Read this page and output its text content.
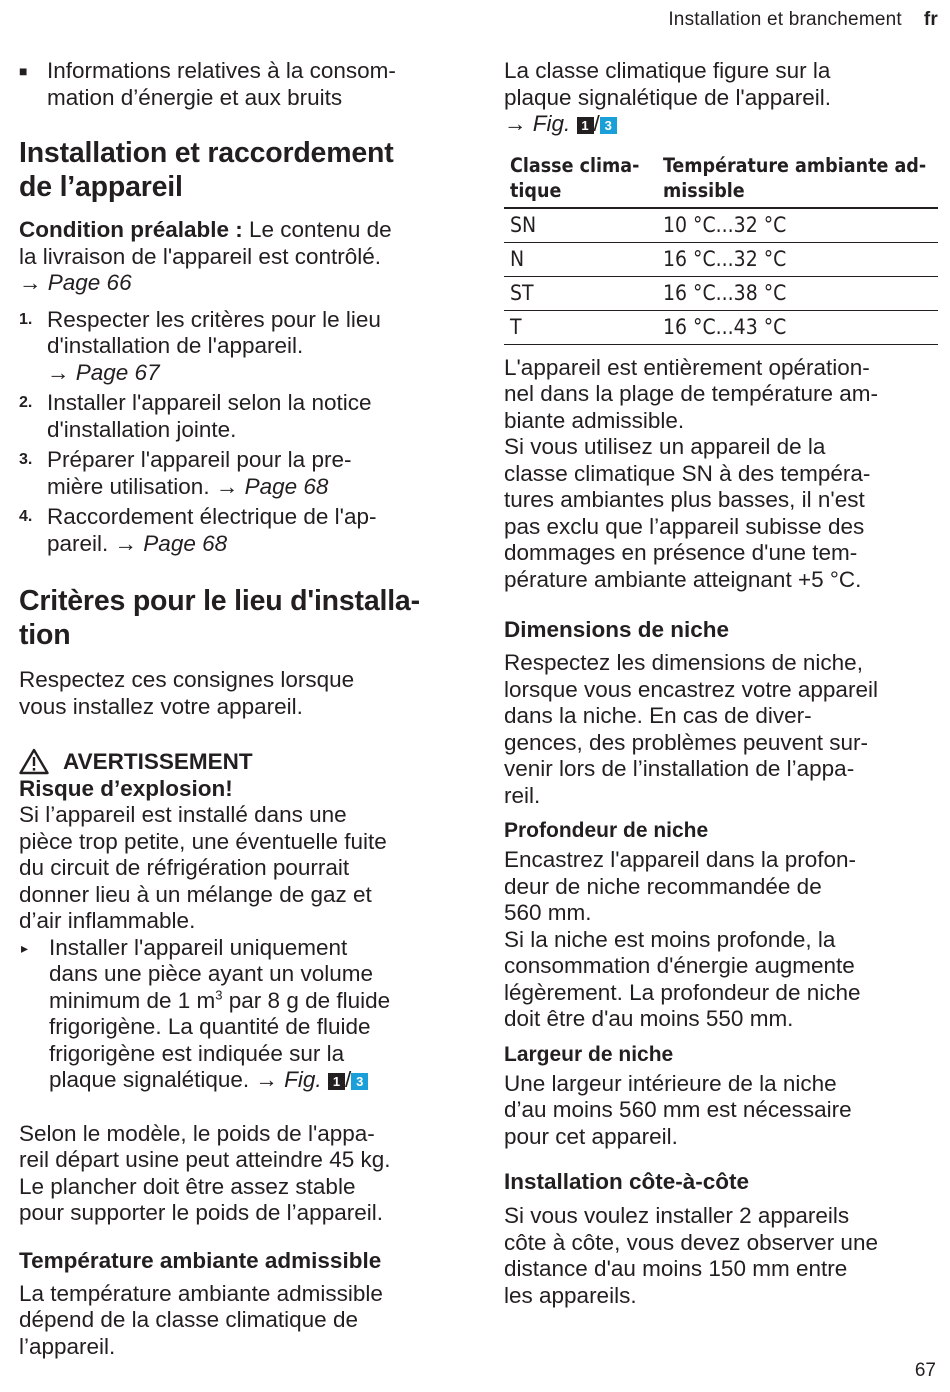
Installation et branchement fr
■ Informations relatives à la consom-

mation d’énergie et aux bruits

Installation et raccordement

de l’appareil

Condition préalable : Le contenu de

la livraison de l'appareil est contrôlé.

→ Page 66

1. Respecter les critères pour le lieu

d'installation de l'appareil.

→ Page 67

2. Installer l'appareil selon la notice

d'installation jointe.

3. Préparer l'appareil pour la pre-

mière utilisation. → Page 68

4. Raccordement électrique de l'ap-

pareil. → Page 68

Critères pour le lieu d'installa-

tion

Respectez ces consignes lorsque

vous installez votre appareil.

AVERTISSEMENT

Risque d’explosion!

Si l’appareil est installé dans une

pièce trop petite, une éventuelle fuite

du circuit de réfrigération pourrait

donner lieu à un mélange de gaz et

d’air inflammable.

▸ Installer l'appareil uniquement

dans une pièce ayant un volume

minimum de 1 $m^3$ par 8 g de fluide

frigorigène. La quantité de fluide

frigorigène est indiquée sur la

plaque signalétique. → Fig. 1 / 3

Selon le modèle, le poids de l'appa-

reil départ usine peut atteindre 45 kg.

Le plancher doit être assez stable

pour supporter le poids de l’appareil.

Température ambiante admissible

La température ambiante admissible

dépend de la classe climatique de

l’appareil.

La classe climatique figure sur la

plaque signalétique de l'appareil.

→ Fig. 1 / 3

Classe clima-
tique	Température ambiante ad-
missible
SN	10 °C...32 °C
N	16 °C...32 °C
ST	16 °C...38 °C
T	16 °C...43 °C

L'appareil est entièrement opération-

nel dans la plage de température am-

biante admissible.

Si vous utilisez un appareil de la

classe climatique SN à des tempéra-

tures ambiantes plus basses, il n'est

pas exclu que l’appareil subisse des

dommages en présence d'une tem-

pérature ambiante atteignant +5 °C.

Dimensions de niche

Respectez les dimensions de niche,

lorsque vous encastrez votre appareil

dans la niche. En cas de diver-

gences, des problèmes peuvent sur-

venir lors de l’installation de l’appa-

reil.

Profondeur de niche

Encastrez l'appareil dans la profon-

deur de niche recommandée de

560 mm.

Si la niche est moins profonde, la

consommation d'énergie augmente

légèrement. La profondeur de niche

doit être d'au moins 550 mm.

Largeur de niche

Une largeur intérieure de la niche

d’au moins 560 mm est nécessaire

pour cet appareil.

Installation côte-à-côte

Si vous voulez installer 2 appareils

côte à côte, vous devez observer une

distance d'au moins 150 mm entre

les appareils.

67
